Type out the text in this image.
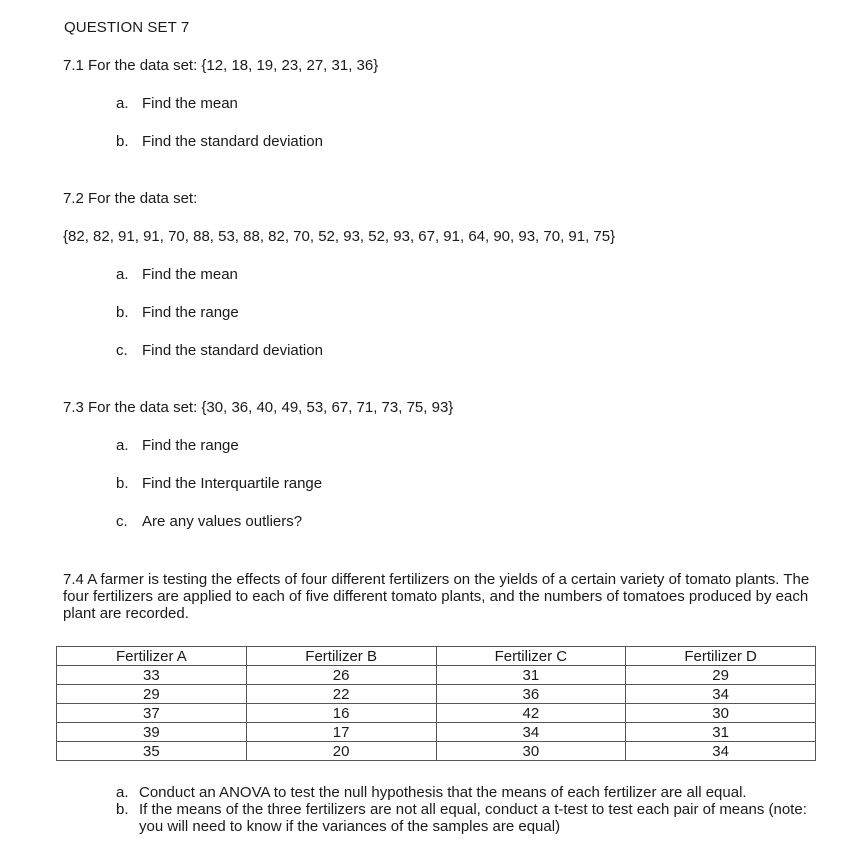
QUESTION SET 7
7.1 For the data set: {12, 18, 19, 23, 27, 31, 36}
a. Find the mean
b. Find the standard deviation
7.2 For the data set:
{82, 82, 91, 91, 70, 88, 53, 88, 82, 70, 52, 93, 52, 93, 67, 91, 64, 90, 93, 70, 91, 75}
a. Find the mean
b. Find the range
c. Find the standard deviation
7.3 For the data set: {30, 36, 40, 49, 53, 67, 71, 73, 75, 93}
a. Find the range
b. Find the Interquartile range
c. Are any values outliers?
7.4 A farmer is testing the effects of four different fertilizers on the yields of a certain variety of tomato plants. The four fertilizers are applied to each of five different tomato plants, and the numbers of tomatoes produced by each plant are recorded.
Fertilizer A	Fertilizer B	Fertilizer C	Fertilizer D
33	26	31	29
29	22	36	34
37	16	42	30
39	17	34	31
35	20	30	34
a. Conduct an ANOVA to test the null hypothesis that the means of each fertilizer are all equal.
b. If the means of the three fertilizers are not all equal, conduct a t-test to test each pair of means (note: you will need to know if the variances of the samples are equal)
